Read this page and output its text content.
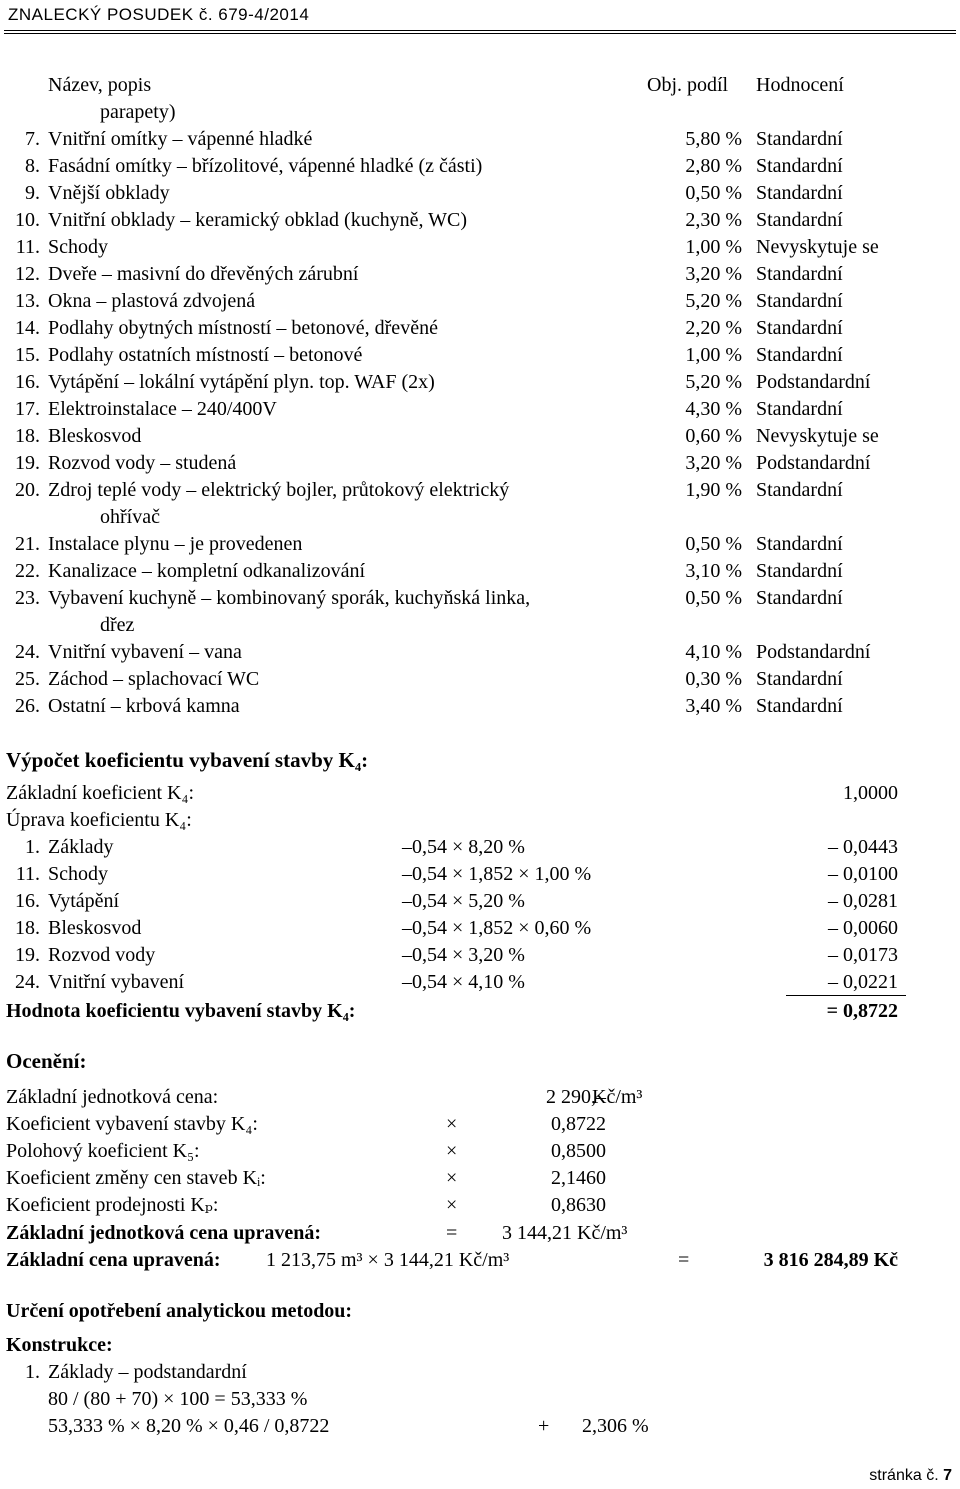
ZNALECKÝ POSUDEK č. 679-4/2014
Název, popis	Obj. podíl Hodnocení
parapety)
7. Vnitřní omítky – vápenné hladké	5,80 % Standardní
8. Fasádní omítky – břízolitové, vápenné hladké (z části)	2,80 % Standardní
9. Vnější obklady	0,50 % Standardní
10. Vnitřní obklady – keramický obklad (kuchyně, WC)	2,30 % Standardní
11. Schody	1,00 % Nevyskytuje se
12. Dveře – masivní do dřevěných zárubní	3,20 % Standardní
13. Okna – plastová zdvojená	5,20 % Standardní
14. Podlahy obytných místností – betonové, dřevěné	2,20 % Standardní
15. Podlahy ostatních místností – betonové	1,00 % Standardní
16. Vytápění – lokální vytápění plyn. top. WAF (2x)	5,20 % Podstandardní
17. Elektroinstalace – 240/400V	4,30 % Standardní
18. Bleskosvod	0,60 % Nevyskytuje se
19. Rozvod vody – studená	3,20 % Podstandardní
20. Zdroj teplé vody – elektrický bojler, průtokový elektrický	1,90 % Standardní
ohřívač
21. Instalace plynu – je provedenen	0,50 % Standardní
22. Kanalizace – kompletní odkanalizování	3,10 % Standardní
23. Vybavení kuchyně – kombinovaný sporák, kuchyňská linka,	0,50 % Standardní
dřez
24. Vnitřní vybavení – vana	4,10 % Podstandardní
25. Záchod – splachovací WC	0,30 % Standardní
26. Ostatní – krbová kamna	3,40 % Standardní
Výpočet koeficientu vybavení stavby K₄:
Základní koeficient K₄:	1,0000
Úprava koeficientu K₄:
1. Základy	–0,54 × 8,20 %	– 0,0443
11. Schody	–0,54 × 1,852 × 1,00 %	– 0,0100
16. Vytápění	–0,54 × 5,20 %	– 0,0281
18. Bleskosvod	–0,54 × 1,852 × 0,60 %	– 0,0060
19. Rozvod vody	–0,54 × 3,20 %	– 0,0173
24. Vnitřní vybavení	–0,54 × 4,10 %	– 0,0221
Hodnota koeficientu vybavení stavby K₄:	= 0,8722
Ocenění:
Základní jednotková cena:	2 290,–
Kč/m³
Koeficient vybavení stavby K₄:	×	0,8722
Polohový koeficient K₅:	×	0,8500
Koeficient změny cen staveb Kᵢ:	×	2,1460
Koeficient prodejnosti Kₚ:	×	0,8630
Základní jednotková cena upravená:	= 3 144,21 Kč/m³
Základní cena upravená: 1 213,75 m³ × 3 144,21 Kč/m³	=	3 816 284,89 Kč
Určení opotřebení analytickou metodou:
Konstrukce:
1. Základy – podstandardní
80 / (80 + 70) × 100 = 53,333 %
53,333 % × 8,20 % × 0,46 / 0,8722	+ 2,306 %
stránka č. 7
